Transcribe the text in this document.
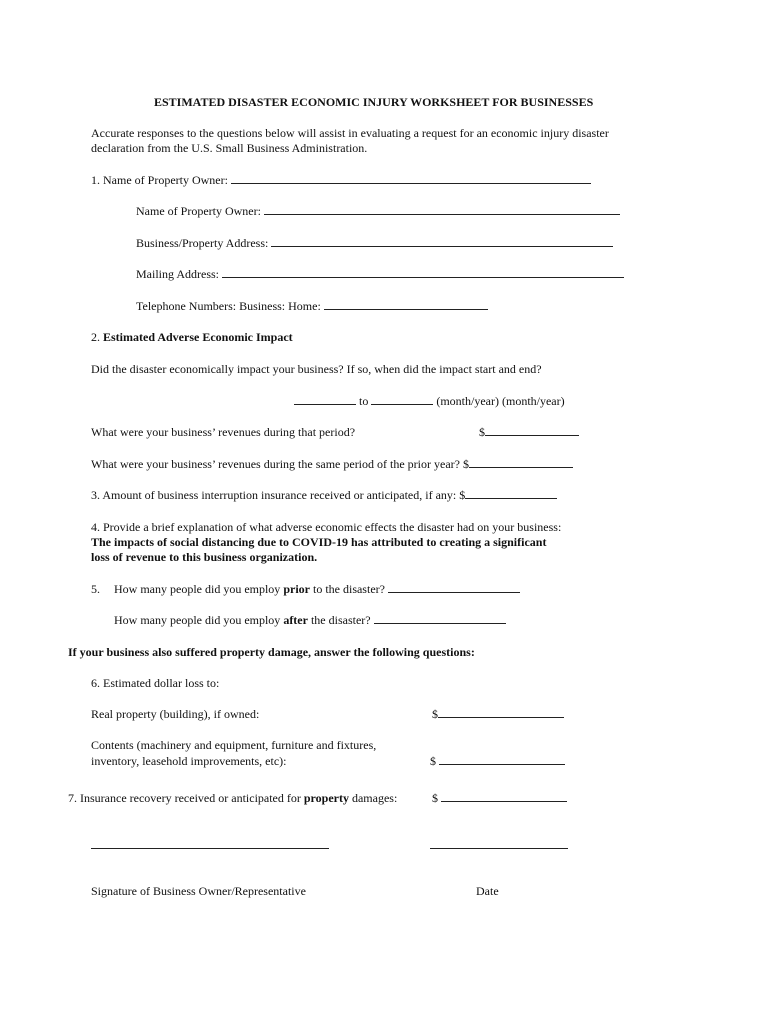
ESTIMATED DISASTER ECONOMIC INJURY WORKSHEET FOR BUSINESSES
Accurate responses to the questions below will assist in evaluating a request for an economic injury disaster
declaration from the U.S. Small Business Administration.
1. Name of Property Owner:
Name of Property Owner:
Business/Property Address:
Mailing Address:
Telephone Numbers: Business: Home:
2. Estimated Adverse Economic Impact
Did the disaster economically impact your business? If so, when did the impact start and end?
to	(month/year) (month/year)
What were your business’ revenues during that period?	$
What were your business’ revenues during the same period of the prior year? $
3. Amount of business interruption insurance received or anticipated, if any: $
4. Provide a brief explanation of what adverse economic effects the disaster had on your business:
The impacts of social distancing due to COVID-19 has attributed to creating a significant
loss of revenue to this business organization.
5. How many people did you employ prior to the disaster?
How many people did you employ after the disaster?
If your business also suffered property damage, answer the following questions:
6. Estimated dollar loss to:
Real property (building), if owned:	$
Contents (machinery and equipment, furniture and fixtures,
inventory, leasehold improvements, etc):	$
7. Insurance recovery received or anticipated for property damages:	$
Signature of Business Owner/Representative	Date
